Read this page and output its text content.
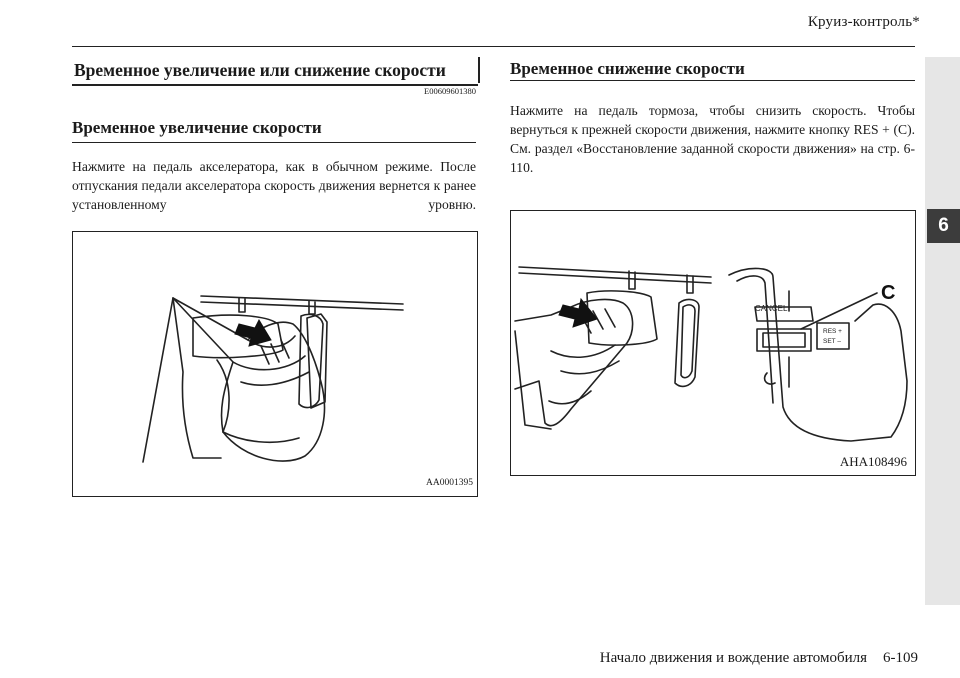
Круиз-контроль*
6
Временное увеличение или снижение скорости
E00609601380
Временное увеличение скорости
Нажмите на педаль акселератора, как в обычном режиме. После отпускания педали акселератора скорость движения вернется к ранее установленному уровню.
AA0001395
Временное снижение скорости
Нажмите на педаль тормоза, чтобы снизить скорость. Чтобы вернуться к прежней скорости движения, нажмите кнопку RES + (C).
См. раздел «Восстановление заданной скорости движения» на стр. 6-110.
CANCEL
RES +
SET –
C
AHA108496
Начало движения и вождение автомобиля 6-109
